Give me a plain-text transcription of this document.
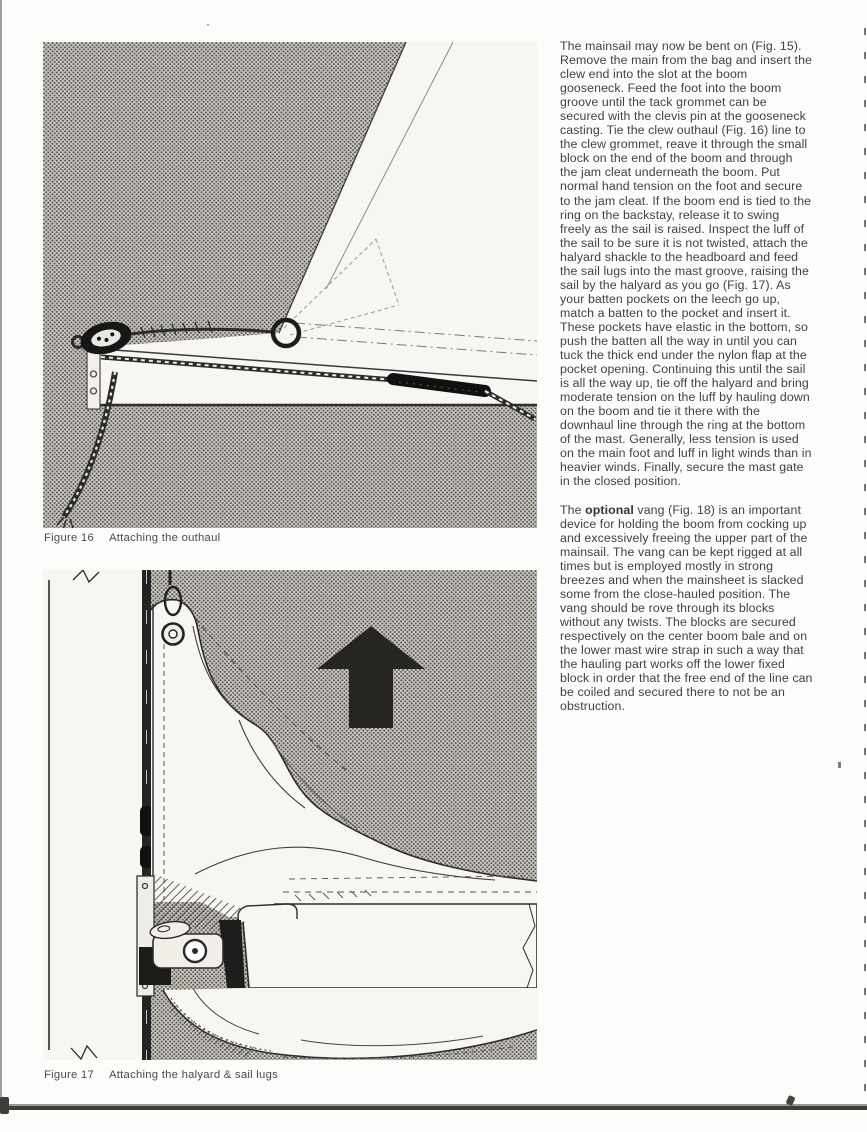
Figure 16 Attaching the outhaul
Figure 17 Attaching the halyard & sail lugs

The mainsail may now be bent on (Fig. 15). Remove the main from the bag and insert the clew end into the slot at the boom gooseneck. Feed the foot into the boom groove until the tack grommet can be secured with the clevis pin at the gooseneck casting. Tie the clew outhaul (Fig. 16) line to the clew grommet, reave it through the small block on the end of the boom and through the jam cleat underneath the boom. Put normal hand tension on the foot and secure to the jam cleat. If the boom end is tied to the ring on the backstay, release it to swing freely as the sail is raised. Inspect the luff of the sail to be sure it is not twisted, attach the halyard shackle to the headboard and feed the sail lugs into the mast groove, raising the sail by the halyard as you go (Fig. 17). As your batten pockets on the leech go up, match a batten to the pocket and insert it. These pockets have elastic in the bottom, so push the batten all the way in until you can tuck the thick end under the nylon flap at the pocket opening. Continuing this until the sail is all the way up, tie off the halyard and bring moderate tension on the luff by hauling down on the boom and tie it there with the downhaul line through the ring at the bottom of the mast. Generally, less tension is used on the main foot and luff in light winds than in heavier winds. Finally, secure the mast gate in the closed position.

The optional vang (Fig. 18) is an important device for holding the boom from cocking up and excessively freeing the upper part of the mainsail. The vang can be kept rigged at all times but is employed mostly in strong breezes and when the mainsheet is slacked some from the close-hauled position. The vang should be rove through its blocks without any twists. The blocks are secured respectively on the center boom bale and on the lower mast wire strap in such a way that the hauling part works off the lower fixed block in order that the free end of the line can be coiled and secured there to not be an obstruction.
